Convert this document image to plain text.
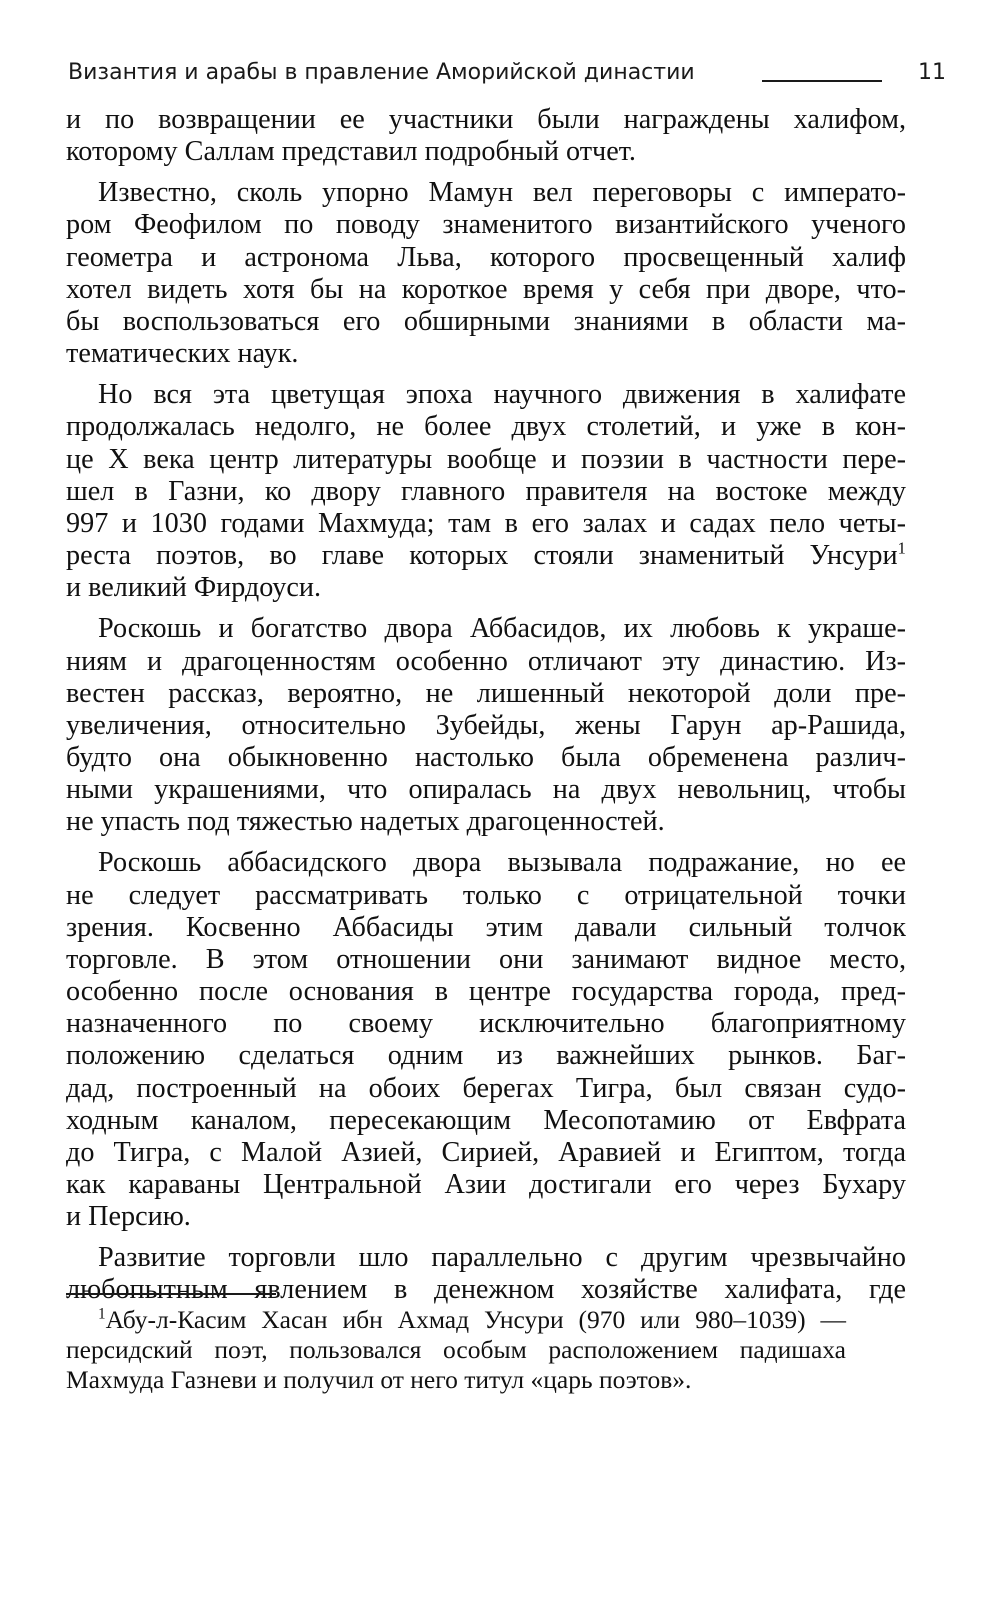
Византия и арабы в правление Аморийской династии	11

и по возвращении ее участники были награждены халифом,
которому Саллам представил подробный отчет.

Известно, сколь упорно Мамун вел переговоры с императо-
ром Феофилом по поводу знаменитого византийского ученого
геометра и астронома Льва, которого просвещенный халиф
хотел видеть хотя бы на короткое время у себя при дворе, что-
бы воспользоваться его обширными знаниями в области ма-
тематических наук.

Но вся эта цветущая эпоха научного движения в халифате
продолжалась недолго, не более двух столетий, и уже в кон-
це X века центр литературы вообще и поэзии в частности пере-
шел в Газни, ко двору главного правителя на востоке между
997 и 1030 годами Махмуда; там в его залах и садах пело четы-
реста поэтов, во главе которых стояли знаменитый Унсури$^1$
и великий Фирдоуси.

Роскошь и богатство двора Аббасидов, их любовь к украше-
ниям и драгоценностям особенно отличают эту династию. Из-
вестен рассказ, вероятно, не лишенный некоторой доли пре-
увеличения, относительно Зубейды, жены Гарун ар-Рашида,
будто она обыкновенно настолько была обременена различ-
ными украшениями, что опиралась на двух невольниц, чтобы
не упасть под тяжестью надетых драгоценностей.

Роскошь аббасидского двора вызывала подражание, но ее
не следует рассматривать только с отрицательной точки
зрения. Косвенно Аббасиды этим давали сильный толчок
торговле. В этом отношении они занимают видное место,
особенно после основания в центре государства города, пред-
назначенного по своему исключительно благоприятному
положению сделаться одним из важнейших рынков. Баг-
дад, построенный на обоих берегах Тигра, был связан судо-
ходным каналом, пересекающим Месопотамию от Евфрата
до Тигра, с Малой Азией, Сирией, Аравией и Египтом, тогда
как караваны Центральной Азии достигали его через Бухару
и Персию.

Развитие торговли шло параллельно с другим чрезвычайно
любопытным явлением в денежном хозяйстве халифата, где

$^1$Абу-л-Касим Хасан ибн Ахмад Унсури (970 или 980–1039) —
персидский поэт, пользовался особым расположением падишаха
Махмуда Газневи и получил от него титул «царь поэтов».
